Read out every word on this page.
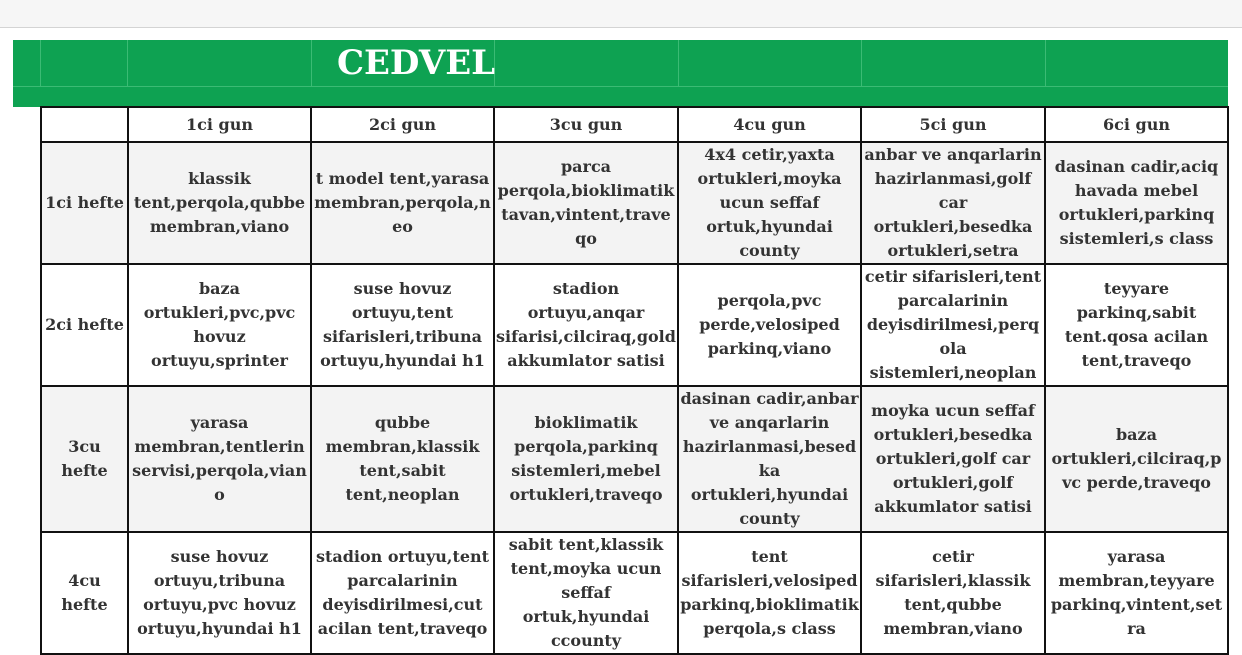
CEDVEL
	1ci gun	2ci gun	3cu gun	4cu gun	5ci gun	6ci gun
1ci hefte	klassik tent,perqola,qubbe membran,viano	t model tent,yarasa membran,perqola,neo	parca perqola,bioklimatik tavan,vintent,traveqo	4x4 cetir,yaxta ortukleri,moyka ucun seffaf ortuk,hyundai county	anbar ve anqarlarin hazirlanmasi,golf car ortukleri,besedka ortukleri,setra	dasinan cadir,aciq havada mebel ortukleri,parkinq sistemleri,s class
2ci hefte	baza ortukleri,pvc,pvc hovuz ortuyu,sprinter	suse hovuz ortuyu,tent sifarisleri,tribuna ortuyu,hyundai h1	stadion ortuyu,anqar sifarisi,cilciraq,gold akkumlator satisi	perqola,pvc perde,velosiped parkinq,viano	cetir sifarisleri,tent parcalarinin deyisdirilmesi,perqola sistemleri,neoplan	teyyare parkinq,sabit tent.qosa acilan tent,traveqo
3cu hefte	yarasa membran,tentlerin servisi,perqola,viano	qubbe membran,klassik tent,sabit tent,neoplan	bioklimatik perqola,parkinq sistemleri,mebel ortukleri,traveqo	dasinan cadir,anbar ve anqarlarin hazirlanmasi,besedka ortukleri,hyundai county	moyka ucun seffaf ortukleri,besedka ortukleri,golf car ortukleri,golf akkumlator satisi	baza ortukleri,cilciraq,pvc perde,traveqo
4cu hefte	suse hovuz ortuyu,tribuna ortuyu,pvc hovuz ortuyu,hyundai h1	stadion ortuyu,tent parcalarinin deyisdirilmesi,cut acilan tent,traveqo	sabit tent,klassik tent,moyka ucun seffaf ortuk,hyundai ccounty	tent sifarisleri,velosiped parkinq,bioklimatik perqola,s class	cetir sifarisleri,klassik tent,qubbe membran,viano	yarasa membran,teyyare parkinq,vintent,setra
